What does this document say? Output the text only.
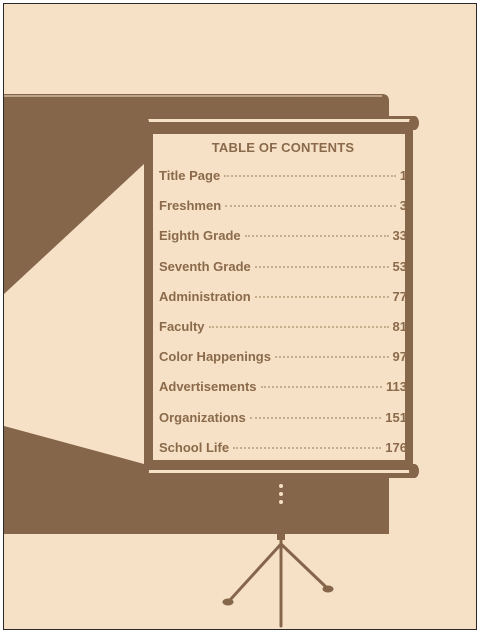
TABLE OF CONTENTS
Title Page	1
Freshmen	3
Eighth Grade	33
Seventh Grade	53
Administration	77
Faculty	81
Color Happenings	97
Advertisements	113
Organizations	151
School Life	176
